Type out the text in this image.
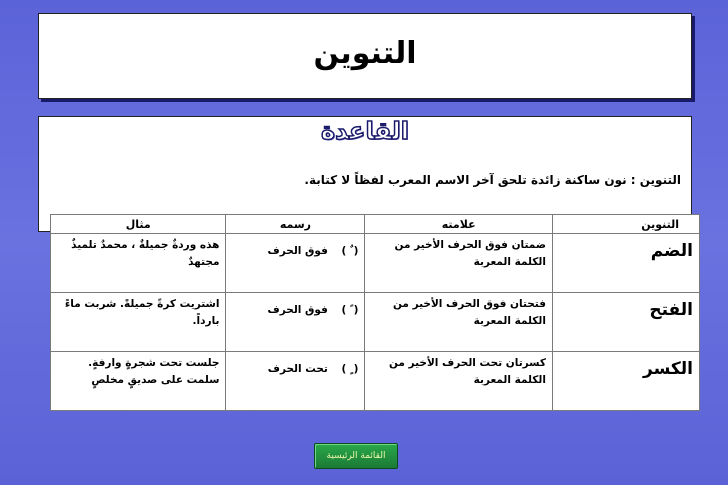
التنوين
القاعدة
التنوين : نون ساكنة زائدة تلحق آخر الاسم المعرب لفظاً لا كتابة.
التنوين	علامته	رسمه	مثال
الضم	ضمتان فوق الحرف الأخير من الكلمة المعربة	( ٌ ) فوق الحرف	هذه وردةٌ جميلةٌ ، محمدٌ تلميذٌ مجتهدٌ
الفتح	فتحتان فوق الحرف الأخير من الكلمة المعربة	( ً ) فوق الحرف	اشتريت كرةً جميلةً. شربت ماءً بارداً.
الكسر	كسرتان تحت الحرف الأخير من الكلمة المعربة	( ٍ ) تحت الحرف	جلست تحت شجرةٍ وارفةٍ. سلمت على صديقٍ مخلصٍ
القائمة الرئيسية
